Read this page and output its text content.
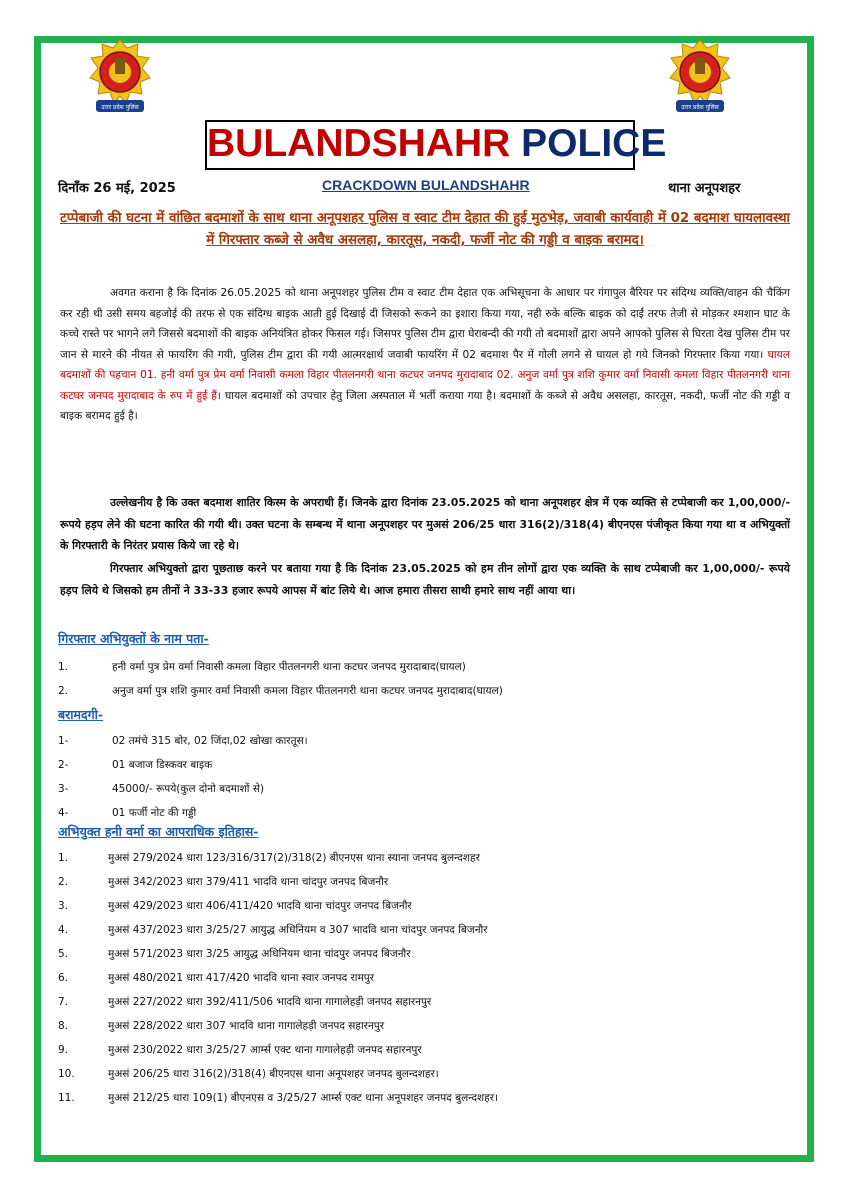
उत्तर प्रदेश पुलिस	उत्तर प्रदेश पुलिस
BULANDSHAHR POLICE
दिनाँक 26 मई, 2025	CRACKDOWN BULANDSHAHR	थाना अनूपशहर
टप्पेबाजी की घटना में वांछित बदमाशों के साथ थाना अनूपशहर पुलिस व स्वाट टीम देहात की हुई मुठभेड़, जवाबी कार्यवाही में 02 बदमाश घायलावस्था में गिरफ्तार कब्जे से अवैध असलहा, कारतूस, नकदी, फर्जी नोट की गड्डी व बाइक बरामद।
अवगत कराना है कि दिनांक 26.05.2025 को थाना अनूपशहर पुलिस टीम व स्वाट टीम देहात एक अभिसूचना के आधार पर गंगापुल बैरियर पर संदिग्ध व्यक्ति/वाहन की चैकिंग कर रही थी उसी समय बहजोई की तरफ से एक संदिग्ध बाइक आती हुई दिखाई दी जिसको रूकने का इशारा किया गया, नही रुके बल्कि बाइक को दाईं तरफ तेजी से मोड़कर श्मशान घाट के कच्चे रास्ते पर भागने लगे जिससे बदमाशों की बाइक अनियंत्रित होकर फिसल गई। जिसपर पुलिस टीम द्वारा घेराबन्दी की गयी तो बदमाशों द्वारा अपने आपको पुलिस से घिरता देख पुलिस टीम पर जान से मारने की नीयत से फायरिंग की गयी, पुलिस टीम द्वारा की गयी आत्मरक्षार्थ जवाबी फायरिंग में 02 बदमाश पैर में गोली लगने से घायल हो गये जिनको गिरफ्तार किया गया। घायल बदमाशों की पहचान 01. हनी वर्मा पुत्र प्रेम वर्मा निवासी कमला विहार पीतलनगरी थाना कटघर जनपद मुरादाबाद 02. अनुज वर्मा पुत्र शशि कुमार वर्मा निवासी कमला विहार पीतलनगरी थाना कटघर जनपद मुरादाबाद के रुप में हुई हैं। घायल बदमाशों को उपचार हेतु जिला अस्पताल में भर्ती कराया गया है। बदमाशों के कब्जे से अवैध असलहा, कारतूस, नकदी, फर्जी नोट की गड्डी व बाइक बरामद हुई है।
उल्लेखनीय है कि उक्त बदमाश शातिर किस्म के अपराधी हैं। जिनके द्वारा दिनांक 23.05.2025 को थाना अनूपशहर क्षेत्र में एक व्यक्ति से टप्पेबाजी कर 1,00,000/- रूपये हड़प लेने की घटना कारित की गयी थी। उक्त घटना के सम्बन्ध में थाना अनूपशहर पर मुअसं 206/25 धारा 316(2)/318(4) बीएनएस पंजीकृत किया गया था व अभियुक्तों के गिरफ्तारी के निरंतर प्रयास किये जा रहे थे।
गिरफ्तार अभियुक्तो द्वारा पूछताछ करने पर बताया गया है कि दिनांक 23.05.2025 को हम तीन लोगों द्वारा एक व्यक्ति के साथ टप्पेबाजी कर 1,00,000/- रूपये हड़प लिये थे जिसको हम तीनों ने 33-33 हजार रूपये आपस में बांट लिये थे। आज हमारा तीसरा साथी हमारे साथ नहीं आया था।
गिरफ्तार अभियुक्तों के नाम पता-
1.	हनी वर्मा पुत्र प्रेम वर्मा निवासी कमला विहार पीतलनगरी थाना कटघर जनपद मुरादाबाद(घायल)
2.	अनुज वर्मा पुत्र शशि कुमार वर्मा निवासी कमला विहार पीतलनगरी थाना कटघर जनपद मुरादाबाद(घायल)
बरामदगी-
1-	02 तमंचे 315 बोर, 02 जिंदा,02 खोखा कारतूस।
2-	01 बजाज डिस्कवर बाइक
3-	45000/- रूपये(कुल दोनो बदमाशों से)
4-	01 फर्जी नोट की गड्डी
अभियुक्त हनी वर्मा का आपराधिक इतिहास-
1.	मुअसं 279/2024 धारा 123/316/317(2)/318(2) बीएनएस थाना स्याना जनपद बुलन्दशहर
2.	मुअसं 342/2023 धारा 379/411 भादवि थाना चांदपुर जनपद बिजनौर
3.	मुअसं 429/2023 धारा 406/411/420 भादवि थाना चांदपुर जनपद बिजनौर
4.	मुअसं 437/2023 धारा 3/25/27 आयुद्ध अधिनियम व 307 भादवि थाना चांदपुर जनपद बिजनौर
5.	मुअसं 571/2023 धारा 3/25 आयुद्ध अधिनियम थाना चांदपुर जनपद बिजनौर
6.	मुअसं 480/2021 धारा 417/420 भादवि थाना स्वार जनपद रामपुर
7.	मुअसं 227/2022 धारा 392/411/506 भादवि थाना गागालेहड़ी जनपद सहारनपुर
8.	मुअसं 228/2022 धारा 307 भादवि थाना गागालेहड़ी जनपद सहारनपुर
9.	मुअसं 230/2022 धारा 3/25/27 आर्म्स एक्ट थाना गागालेहड़ी जनपद सहारनपुर
10.	मुअसं 206/25 धारा 316(2)/318(4) बीएनएस थाना अनूपशहर जनपद बुलन्दशहर।
11.	मुअसं 212/25 धारा 109(1) बीएनएस व 3/25/27 आर्म्स एक्ट थाना अनूपशहर जनपद बुलन्दशहर।
